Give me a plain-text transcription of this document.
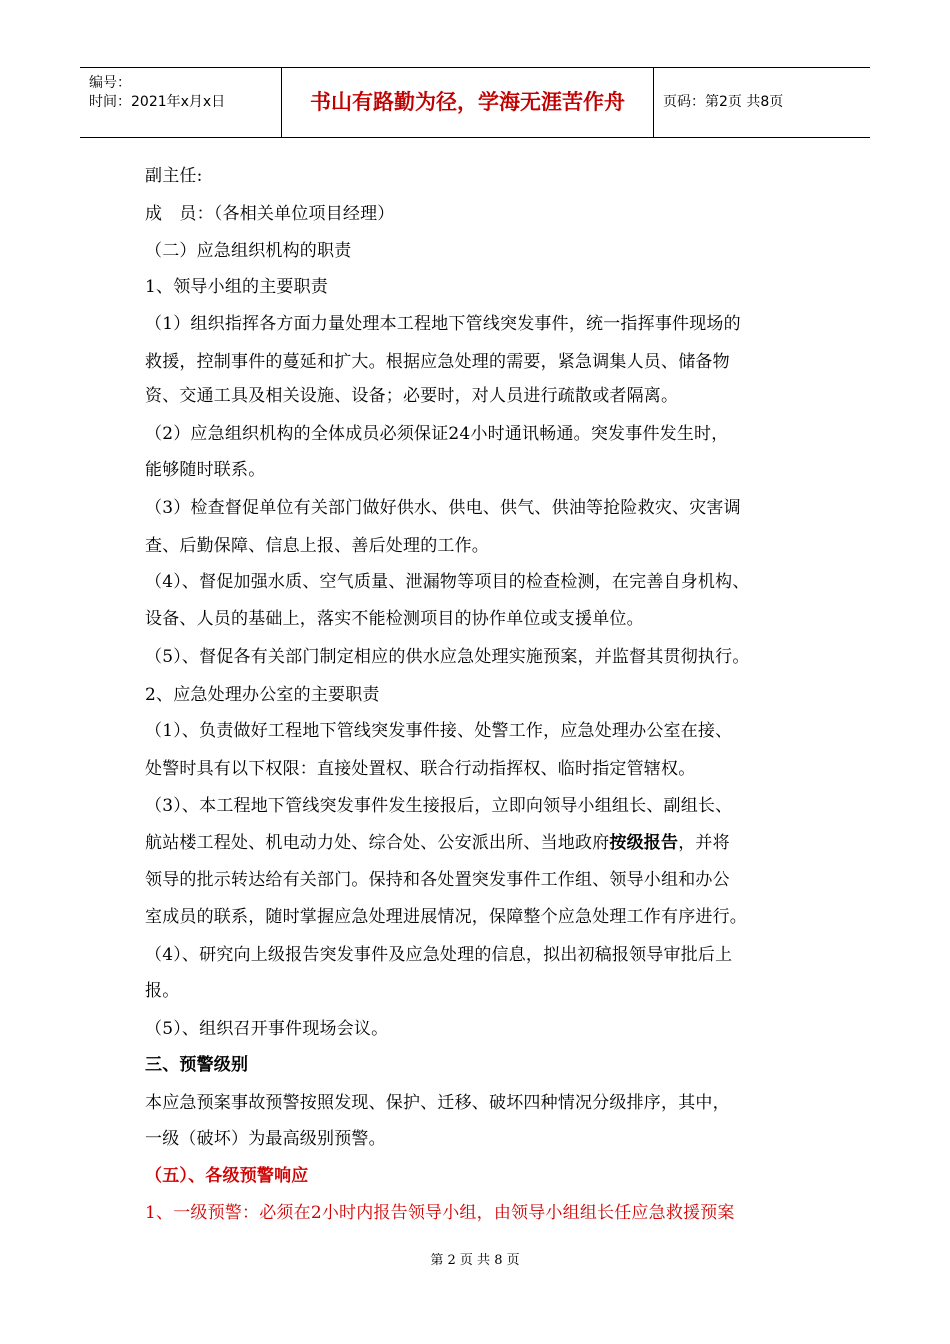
编号：
时间：2021年x月x日	书山有路勤为径，学海无涯苦作舟	页码：第2页 共8页
副主任:
成　员：（各相关单位项目经理）
（二）应急组织机构的职责
1、领导小组的主要职责
（1）组织指挥各方面力量处理本工程地下管线突发事件，统一指挥事件现场的
救援，控制事件的蔓延和扩大。根据应急处理的需要，紧急调集人员、储备物
资、交通工具及相关设施、设备；必要时，对人员进行疏散或者隔离。
（2）应急组织机构的全体成员必须保证24小时通讯畅通。突发事件发生时，
能够随时联系。
（3）检查督促单位有关部门做好供水、供电、供气、供油等抢险救灾、灾害调
查、后勤保障、信息上报、善后处理的工作。
（4）、督促加强水质、空气质量、泄漏物等项目的检查检测，在完善自身机构、
设备、人员的基础上，落实不能检测项目的协作单位或支援单位。
（5）、督促各有关部门制定相应的供水应急处理实施预案，并监督其贯彻执行。
2、应急处理办公室的主要职责
（1）、负责做好工程地下管线突发事件接、处警工作，应急处理办公室在接、
处警时具有以下权限：直接处置权、联合行动指挥权、临时指定管辖权。
（3）、本工程地下管线突发事件发生接报后，立即向领导小组组长、副组长、
航站楼工程处、机电动力处、综合处、公安派出所、当地政府按级报告，并将
领导的批示转达给有关部门。保持和各处置突发事件工作组、领导小组和办公
室成员的联系，随时掌握应急处理进展情况，保障整个应急处理工作有序进行。
（4）、研究向上级报告突发事件及应急处理的信息，拟出初稿报领导审批后上
报。
（5）、组织召开事件现场会议。
三、预警级别
本应急预案事故预警按照发现、保护、迁移、破坏四种情况分级排序，其中，
一级（破坏）为最高级别预警。
（五）、各级预警响应
1、一级预警：必须在2小时内报告领导小组，由领导小组组长任应急救援预案
第 2 页 共 8 页
